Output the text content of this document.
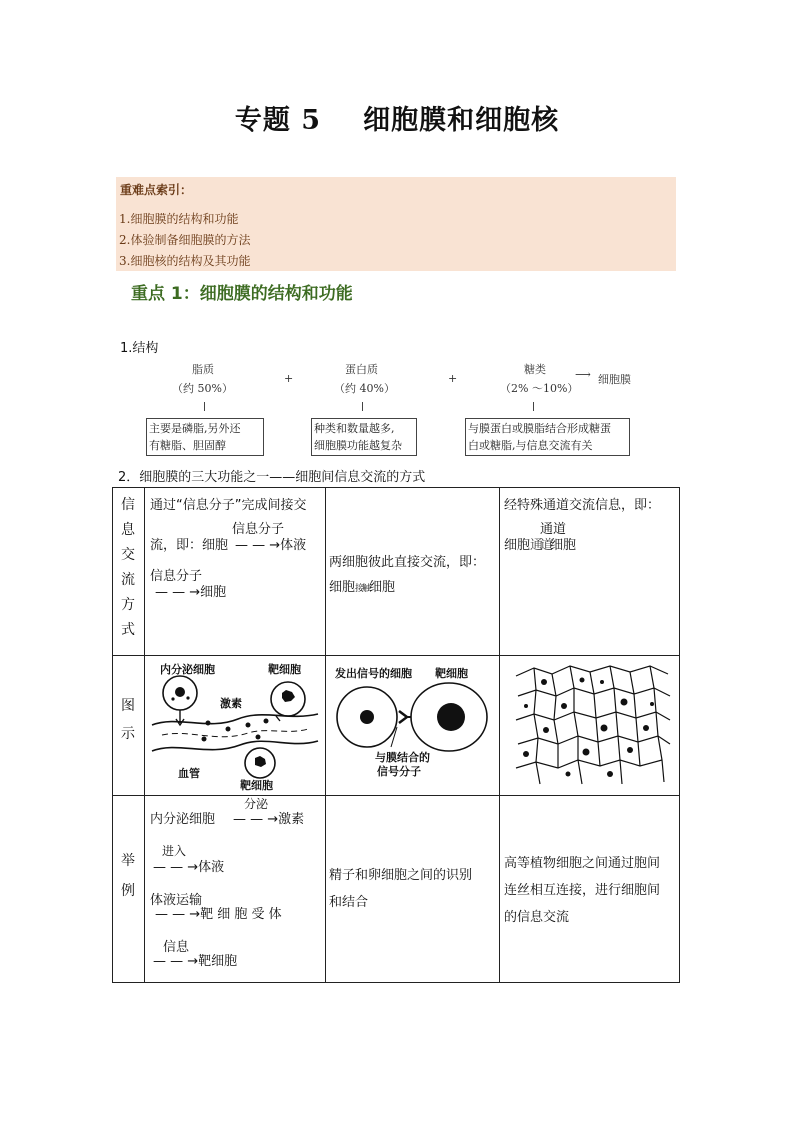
专题 5 细胞膜和细胞核
重难点索引：
1.细胞膜的结构和功能
2.体验制备细胞膜的方法
3.细胞核的结构及其功能
重点 1：细胞膜的结构和功能
1.结构
脂质
（约 50%）
+
蛋白质
（约 40%）
+
糖类
（2% ～10%）
⟶ 细胞膜
主要是磷脂,另外还
有糖脂、胆固醇
种类和数量越多,
细胞膜功能越复杂
与膜蛋白或膜脂结合形成糖蛋
白或糖脂,与信息交流有关
2．细胞膜的三大功能之一——细胞间信息交流的方式
信
息
交
流
方
式
通过“信息分子”完成间接交
信息分子
流，即：细胞 — — →体液
信息分子
— — →细胞
两细胞彼此直接交流，即：
细胞接触细胞
经特殊通道交流信息，即：
通道
细胞通道细胞
图
示
内分泌细胞	靶细胞
激素
血管
靶细胞
发出信号的细胞 靶细胞
与膜结合的
信号分子
举
例
分泌
内分泌细胞 — — →激素
进入
— — →体液
体液运输
— — →靶 细 胞 受 体
信息
— — →靶细胞
精子和卵细胞之间的识别
和结合
高等植物细胞之间通过胞间
连丝相互连接，进行细胞间
的信息交流
